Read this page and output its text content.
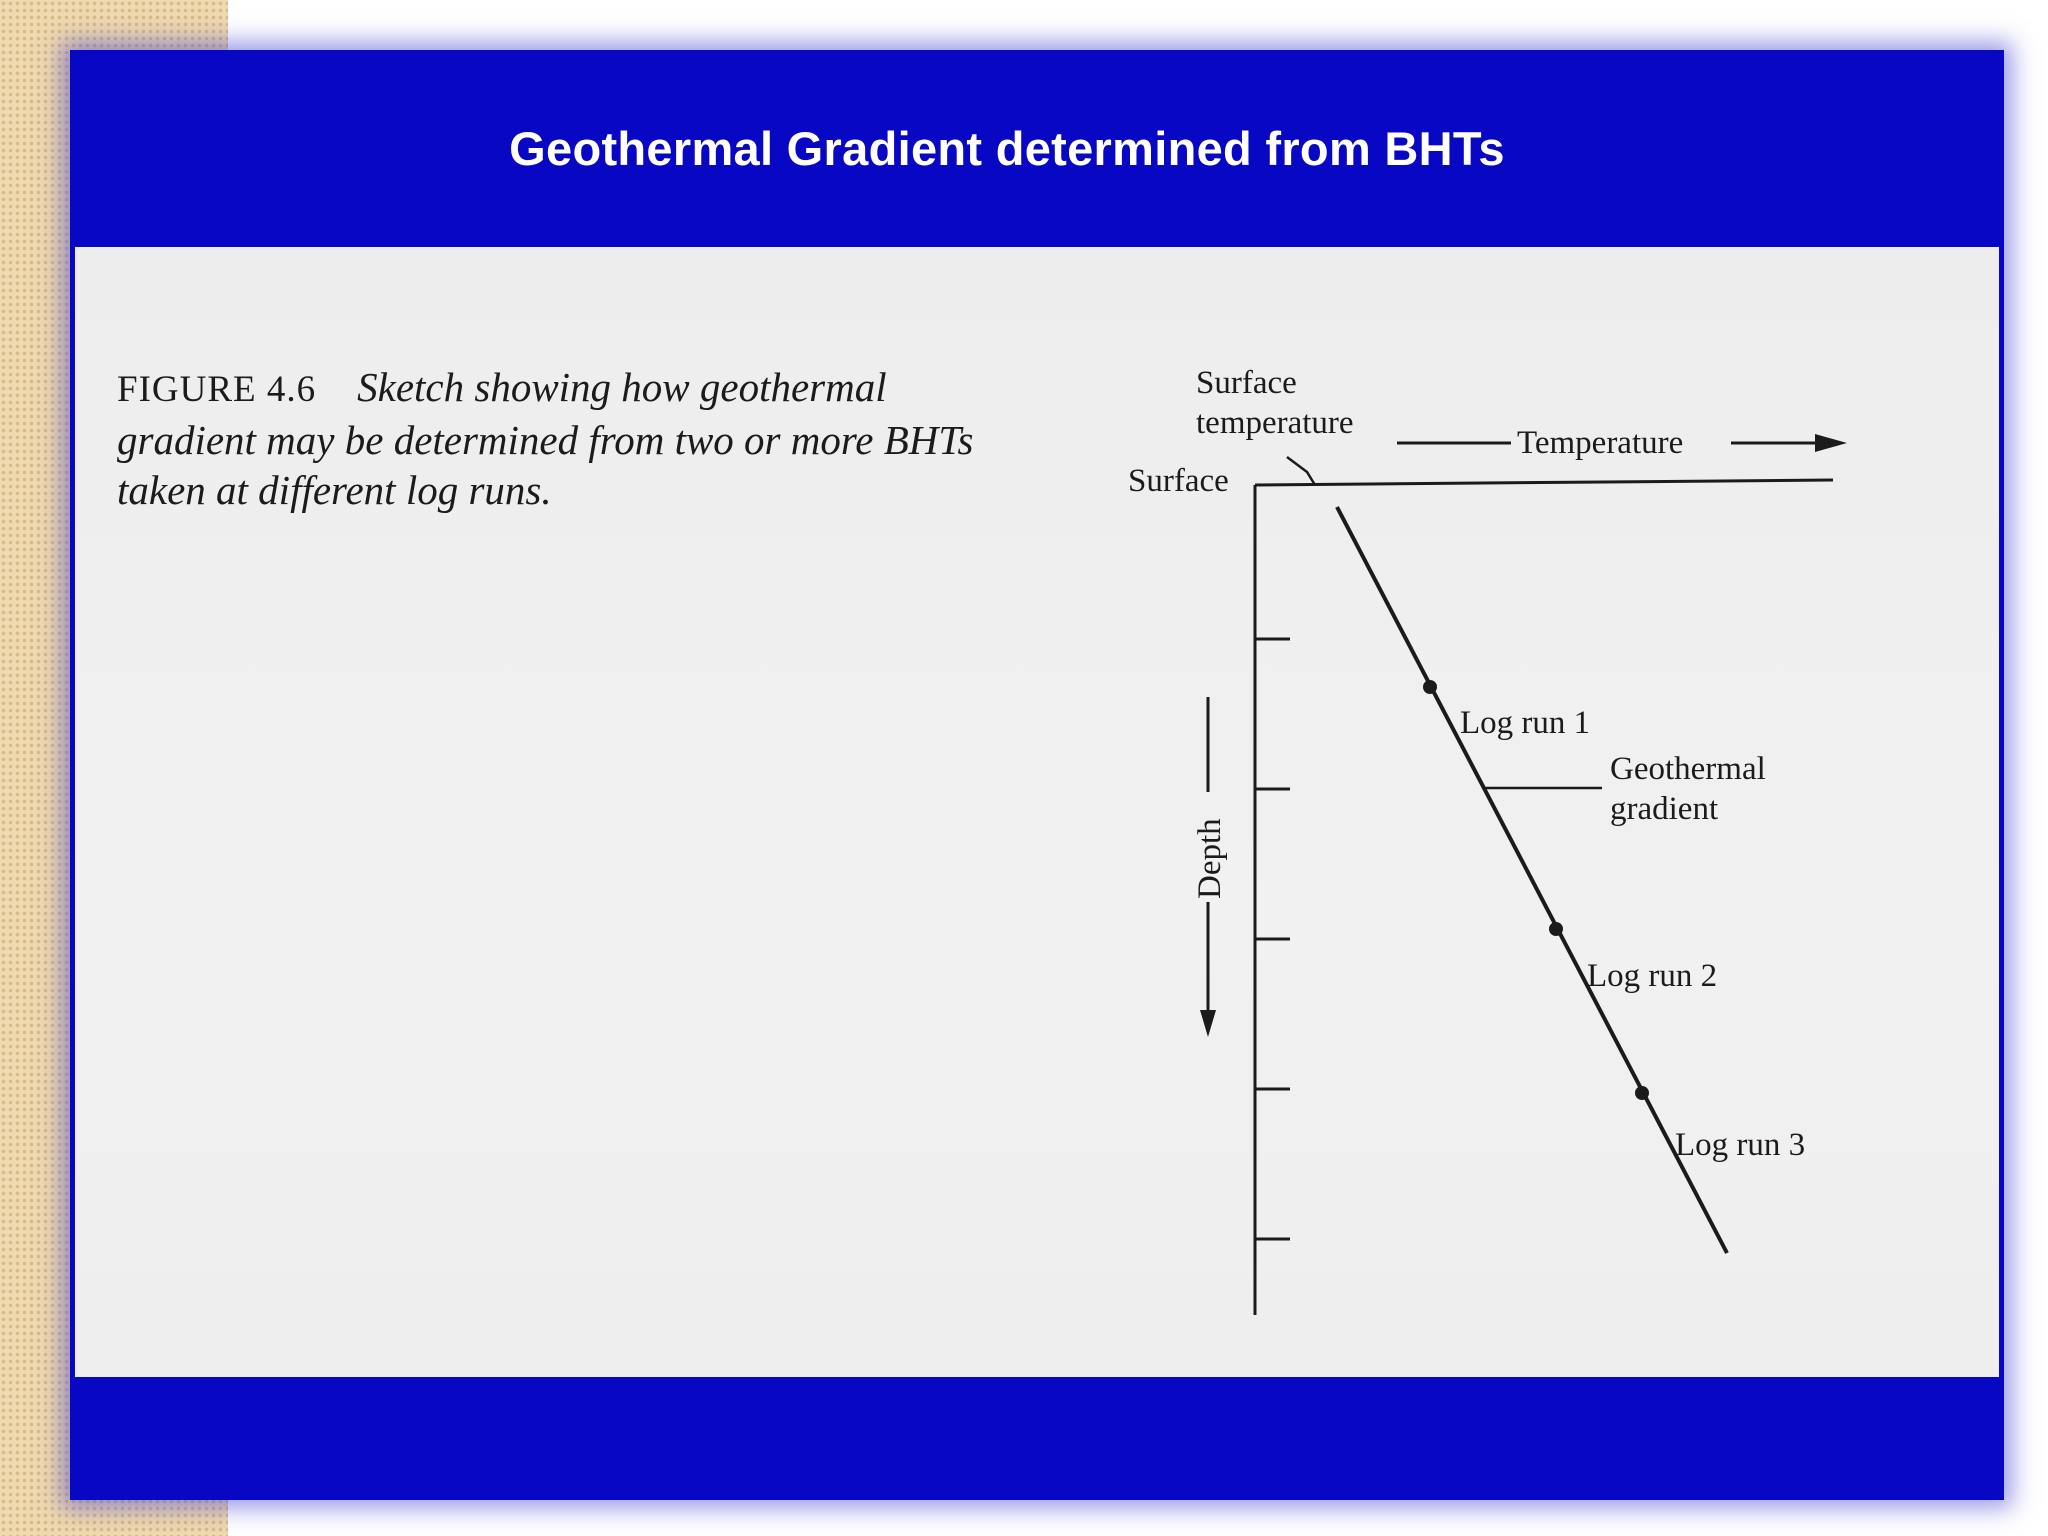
Geothermal Gradient determined from BHTs

FIGURE 4.6 Sketch showing how geothermal gradient may be determined from two or more BHTs taken at different log runs.

Surface
temperature
Temperature
Surface
Depth
Geothermal
gradient
Log run 1
Log run 2
Log run 3
